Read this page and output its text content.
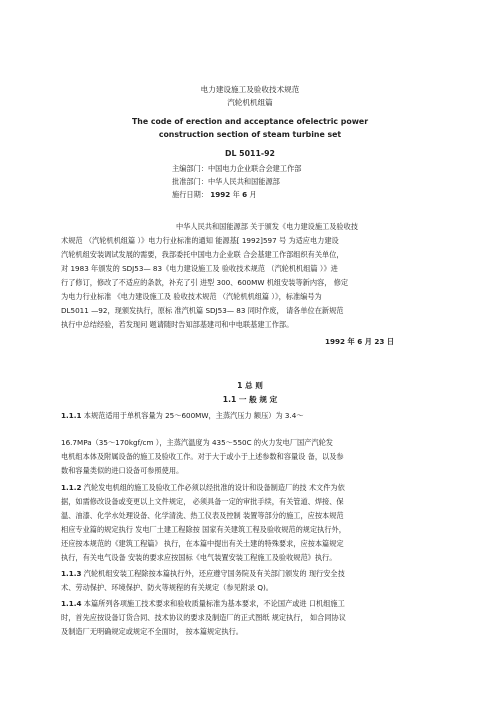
电力建设施工及验收技术规范
汽轮机机组篇
The code of erection and acceptance ofelectric power
construction section of steam turbine set
DL 5011-92
主编部门：中国电力企业联合会建工作部
批准部门：中华人民共和国能源部
施行日期： 1992 年 6 月
中华人民共和国能源部 关于颁发《电力建设施工及验收技
术规范 （汽轮机机组篇 ）》电力行业标准的通知 能源基[ 1992]597 号 为适应电力建设
汽轮机组安装调试发展的需要，我部委托中国电力企业联 合会基建工作部组织有关单位，
对 1983 年颁发的 SDJ53— 83《电力建设施工及 验收技术规范 （汽轮机机组篇 ）》进
行了修订，修改了不适应的条款，补充了引 进型 300、600MW 机组安装等新内容， 修定
为电力行业标准 《电力建设施工及 验收技术规范 （汽轮机机组篇 ）》，标准编号为
DL5011 —92，现颁发执行，原标 准汽机篇 SDJ53— 83 同时作废， 请各单位在新规范
执行中总结经验，若发现问 题请随时告知部基建司和中电联基建工作部。
1992 年 6 月 23 日
1 总 则
1.1 一 般 规 定
1.1.1 本规范适用于单机容量为 25～600MW，主蒸汽压力 额压）为 3.4～
16.7MPa（35～170kgf/cm ），主蒸汽温度为 435～550C 的火力发电厂国产汽轮发
电机组本体及附属设备的施工及验收工作。对于大于或小于上述参数和容量设 备，以及参
数和容量类似的进口设备可参照使用。
1.1.2 汽轮发电机组的施工及验收工作必须以经批准的设计和设备制造厂的技 术文件为依
据，如需修改设备或变更以上文件规定， 必须具备一定的审批手续，有关管道、焊接、保
温、油漆、化学水处理设备、化学清洗、热工仪表及控制 装置等部分的施工，应按本规范
相应专业篇的规定执行 发电厂土建工程除按 国家有关建筑工程及验收规范的规定执行外，
还应按本规范的《建筑工程篇》 执行，在本篇中提出有关土建的特殊要求，应按本篇规定
执行，有关电气设备 安装的要求应按国标《电气装置安装工程施工及验收规范》执行。
1.1.3 汽轮机组安装工程除按本篇执行外，还应遵守国务院及有关部门颁发的 现行安全技
术、劳动保护、环境保护、防火等规程的有关规定（参见附录 Q)。
1.1.4 本篇所列各项施工技术要求和验收质量标准为基本要求，不论国产或进 口机组施工
时，首先应按设备订货合同、技术协议的要求及制造厂的正式图纸 规定执行， 如合同协议
及制造厂无明确规定或规定不全面时， 按本篇规定执行。
